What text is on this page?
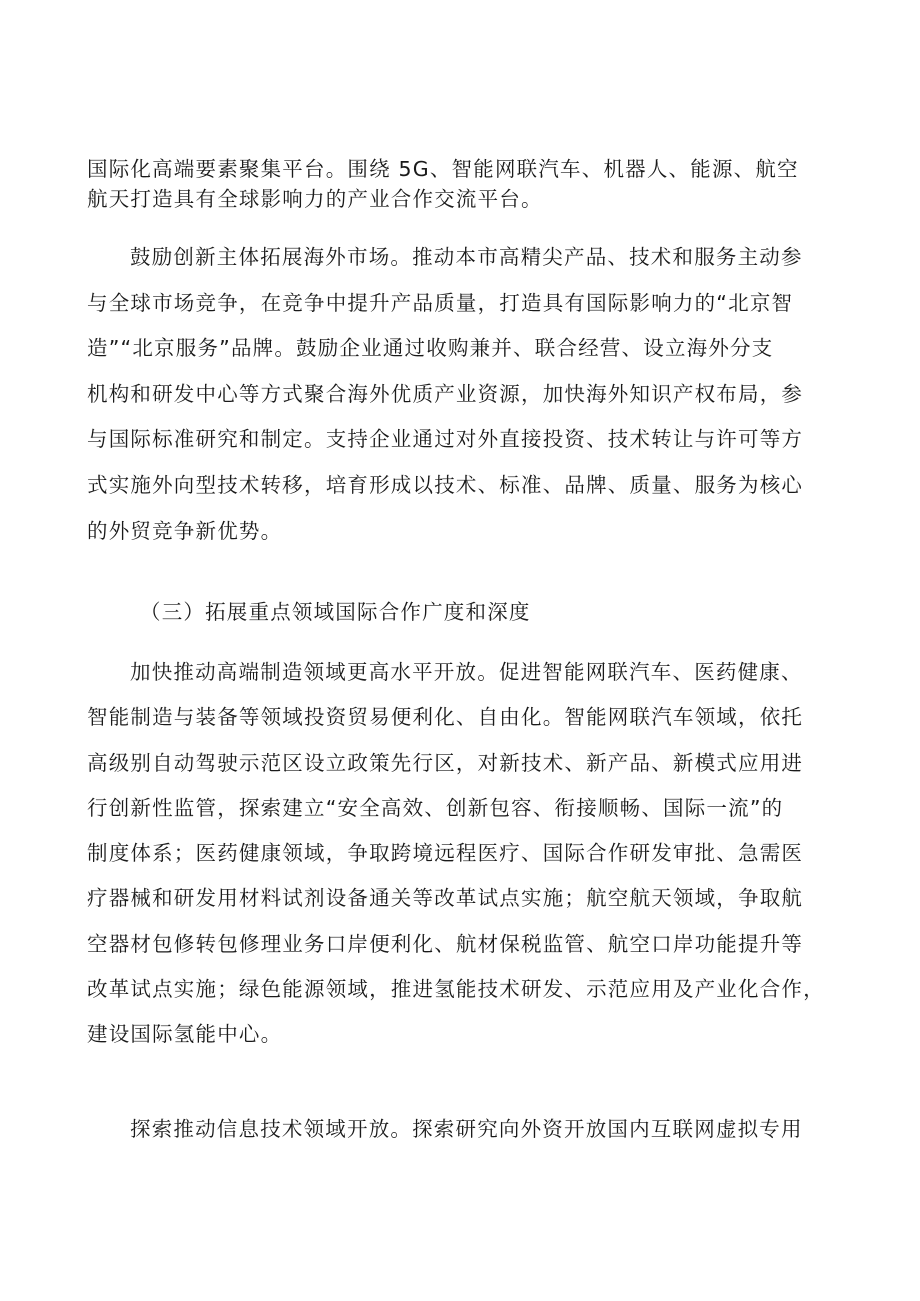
国际化高端要素聚集平台。围绕 5G、智能网联汽车、机器人、能源、航空
航天打造具有全球影响力的产业合作交流平台。

鼓励创新主体拓展海外市场。推动本市高精尖产品、技术和服务主动参
与全球市场竞争，在竞争中提升产品质量，打造具有国际影响力的“北京智
造”“北京服务”品牌。鼓励企业通过收购兼并、联合经营、设立海外分支
机构和研发中心等方式聚合海外优质产业资源，加快海外知识产权布局，参
与国际标准研究和制定。支持企业通过对外直接投资、技术转让与许可等方
式实施外向型技术转移，培育形成以技术、标准、品牌、质量、服务为核心
的外贸竞争新优势。

（三）拓展重点领域国际合作广度和深度

加快推动高端制造领域更高水平开放。促进智能网联汽车、医药健康、
智能制造与装备等领域投资贸易便利化、自由化。智能网联汽车领域，依托
高级别自动驾驶示范区设立政策先行区，对新技术、新产品、新模式应用进
行创新性监管，探索建立“安全高效、创新包容、衔接顺畅、国际一流”的
制度体系；医药健康领域，争取跨境远程医疗、国际合作研发审批、急需医
疗器械和研发用材料试剂设备通关等改革试点实施；航空航天领域，争取航
空器材包修转包修理业务口岸便利化、航材保税监管、航空口岸功能提升等
改革试点实施；绿色能源领域，推进氢能技术研发、示范应用及产业化合作，
建设国际氢能中心。

探索推动信息技术领域开放。探索研究向外资开放国内互联网虚拟专用
